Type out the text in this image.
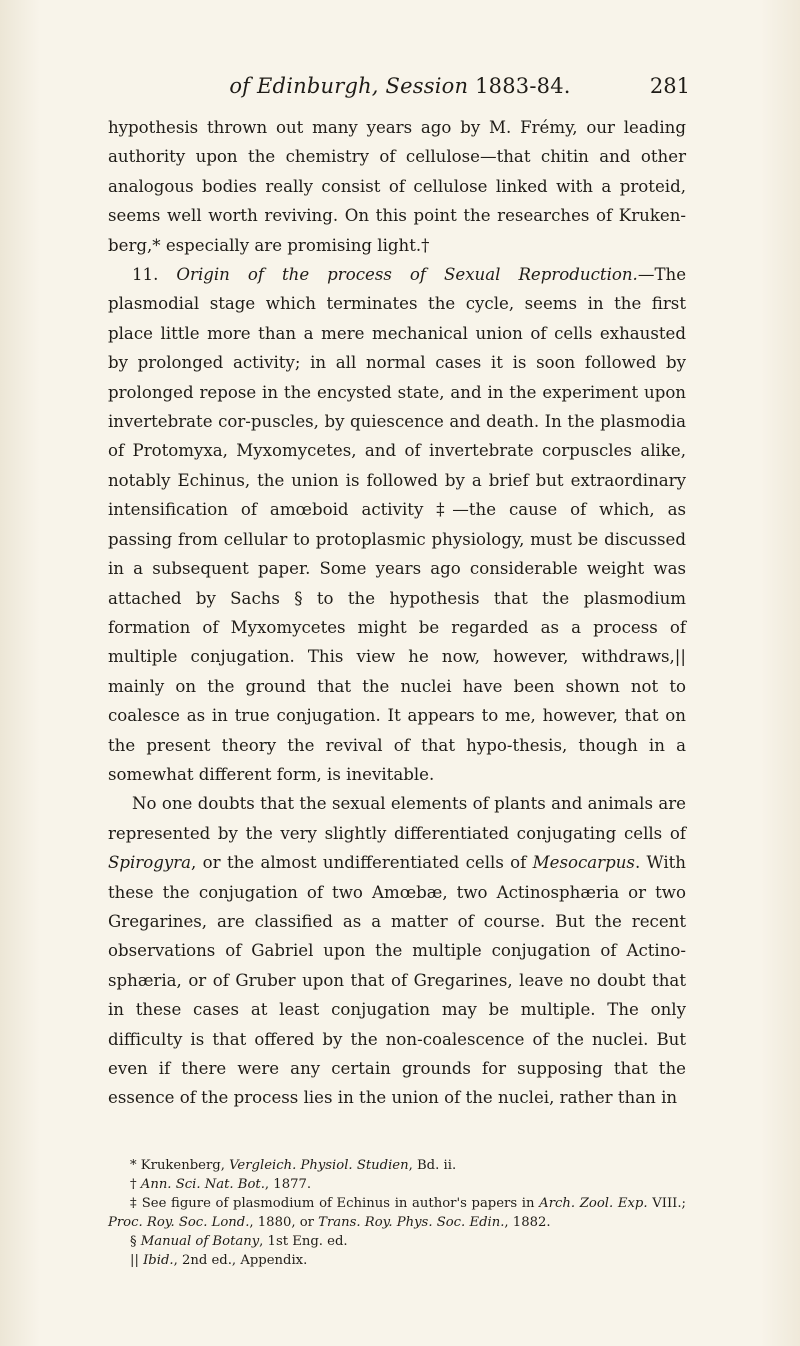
of Edinburgh, Session 1883-84.	281

hypothesis thrown out many years ago by M. Frémy, our leading authority upon the chemistry of cellulose—that chitin and other analogous bodies really consist of cellulose linked with a proteid, seems well worth reviving. On this point the researches of Kruken-berg,* especially are promising light.†

11. Origin of the process of Sexual Reproduction.—The plasmodial stage which terminates the cycle, seems in the first place little more than a mere mechanical union of cells exhausted by prolonged activity; in all normal cases it is soon followed by prolonged repose in the encysted state, and in the experiment upon invertebrate cor-puscles, by quiescence and death. In the plasmodia of Protomyxa, Myxomycetes, and of invertebrate corpuscles alike, notably Echinus, the union is followed by a brief but extraordinary intensification of amœboid activity ‡—the cause of which, as passing from cellular to protoplasmic physiology, must be discussed in a subsequent paper. Some years ago considerable weight was attached by Sachs § to the hypothesis that the plasmodium formation of Myxomycetes might be regarded as a process of multiple conjugation. This view he now, however, withdraws,|| mainly on the ground that the nuclei have been shown not to coalesce as in true conjugation. It appears to me, however, that on the present theory the revival of that hypo-thesis, though in a somewhat different form, is inevitable.

No one doubts that the sexual elements of plants and animals are represented by the very slightly differentiated conjugating cells of Spirogyra, or the almost undifferentiated cells of Mesocarpus. With these the conjugation of two Amœbæ, two Actinosphæria or two Gregarines, are classified as a matter of course. But the recent observations of Gabriel upon the multiple conjugation of Actino-sphæria, or of Gruber upon that of Gregarines, leave no doubt that in these cases at least conjugation may be multiple. The only difficulty is that offered by the non-coalescence of the nuclei. But even if there were any certain grounds for supposing that the essence of the process lies in the union of the nuclei, rather than in

* Krukenberg, Vergleich. Physiol. Studien, Bd. ii.

† Ann. Sci. Nat. Bot., 1877.

‡ See figure of plasmodium of Echinus in author's papers in Arch. Zool. Exp. VIII.; Proc. Roy. Soc. Lond., 1880, or Trans. Roy. Phys. Soc. Edin., 1882.

§ Manual of Botany, 1st Eng. ed.

|| Ibid., 2nd ed., Appendix.
